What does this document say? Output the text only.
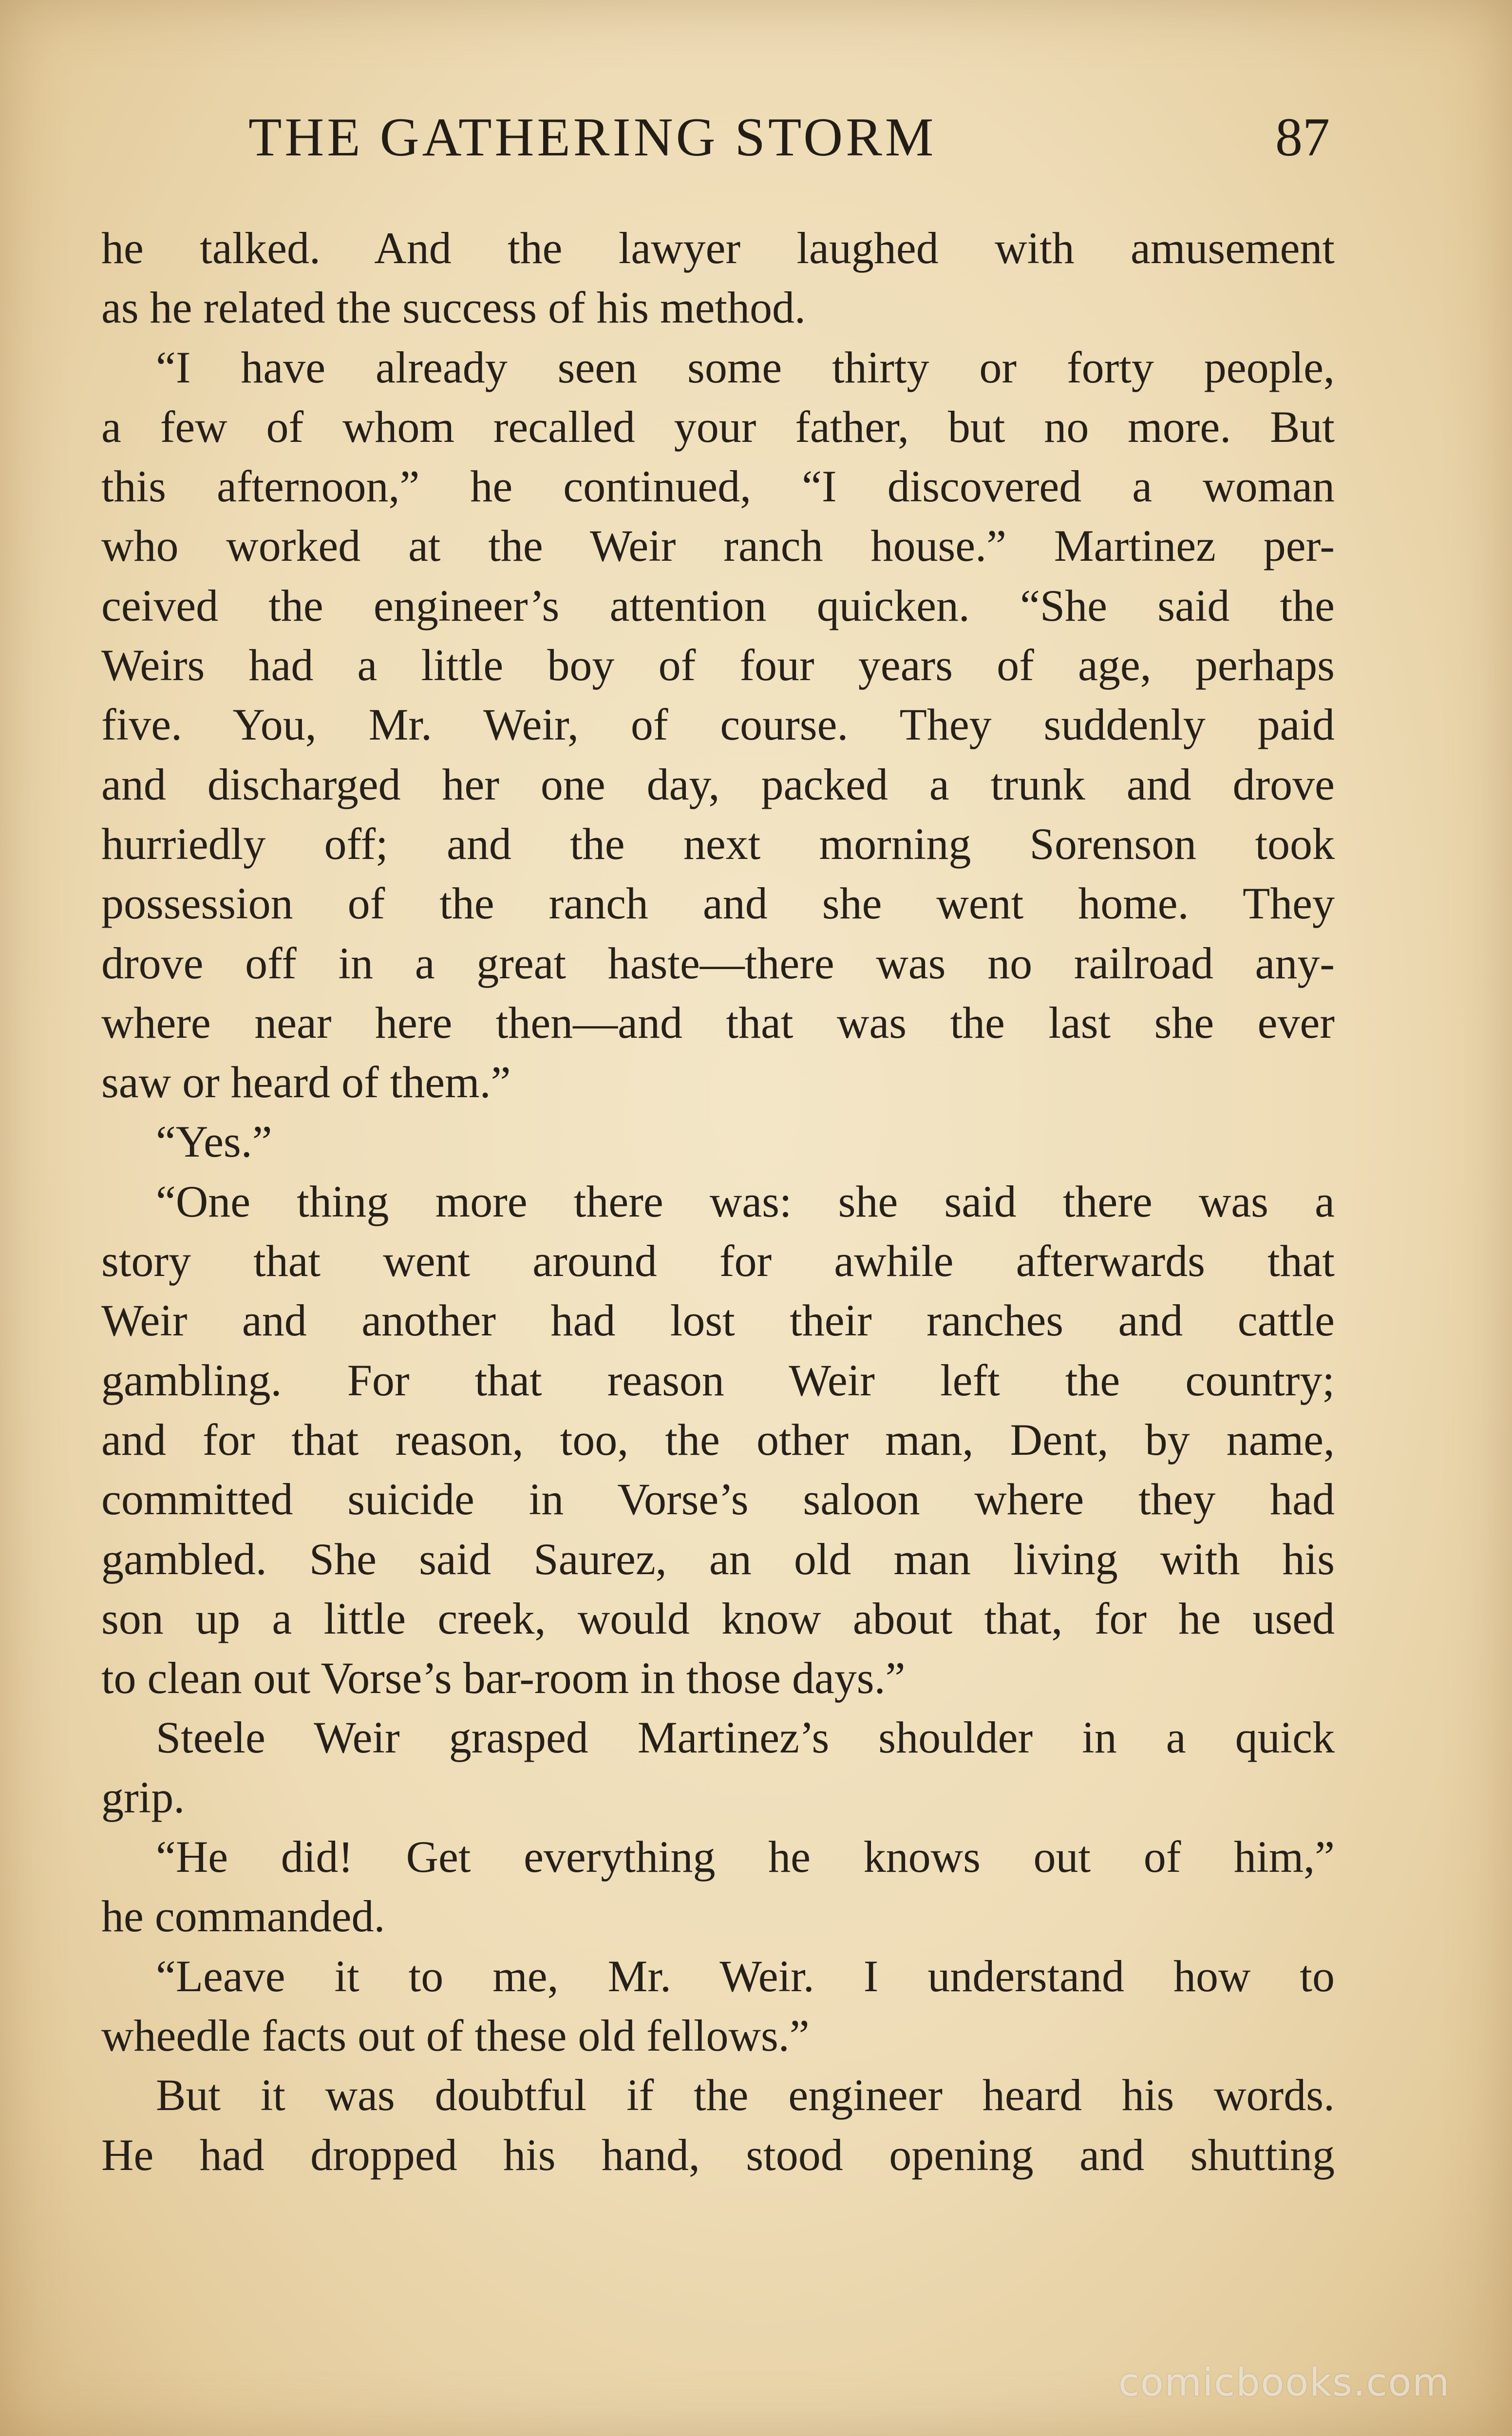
THE GATHERING STORM	87
he talked. And the lawyer laughed with amusement
as he related the success of his method.
“I have already seen some thirty or forty people,
a few of whom recalled your father, but no more. But
this afternoon,” he continued, “I discovered a woman
who worked at the Weir ranch house.” Martinez per-
ceived the engineer’s attention quicken. “She said the
Weirs had a little boy of four years of age, perhaps
five. You, Mr. Weir, of course. They suddenly paid
and discharged her one day, packed a trunk and drove
hurriedly off; and the next morning Sorenson took
possession of the ranch and she went home. They
drove off in a great haste—there was no railroad any-
where near here then—and that was the last she ever
saw or heard of them.”
“Yes.”
“One thing more there was: she said there was a
story that went around for awhile afterwards that
Weir and another had lost their ranches and cattle
gambling. For that reason Weir left the country;
and for that reason, too, the other man, Dent, by name,
committed suicide in Vorse’s saloon where they had
gambled. She said Saurez, an old man living with his
son up a little creek, would know about that, for he used
to clean out Vorse’s bar-room in those days.”
Steele Weir grasped Martinez’s shoulder in a quick
grip.
“He did! Get everything he knows out of him,”
he commanded.
“Leave it to me, Mr. Weir. I understand how to
wheedle facts out of these old fellows.”
But it was doubtful if the engineer heard his words.
He had dropped his hand, stood opening and shutting
comicbooks.com
